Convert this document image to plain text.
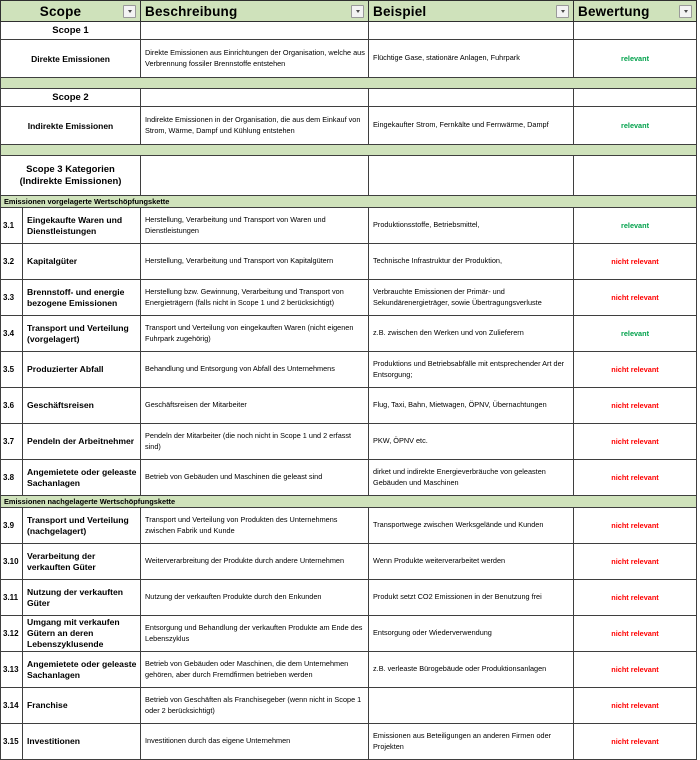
Scope		Beschreibung	Beispiel	Bewertung

Scope 1				

Direkte Emissionen		Direkte Emissionen aus Einrichtungen der Organisation, welche aus Verbrennung fossiler Brennstoffe entstehen	Flüchtige Gase, stationäre Anlagen, Fuhrpark	relevant

Scope 2				

Indirekte Emissionen		Indirekte Emissionen in der Organisation, die aus dem Einkauf von Strom, Wärme, Dampf und Kühlung entstehen	Eingekaufter Strom, Fernkälte und Fernwärme, Dampf	relevant

Scope 3 Kategorien
(Indirekte Emissionen)				

Emissionen vorgelagerte Wertschöpfungskette				

3.1	Eingekaufte Waren und Dienstleistungen	Herstellung, Verarbeitung und Transport von Waren und Dienstleistungen	Produktionsstoffe, Betriebsmittel,	relevant

3.2	Kapitalgüter	Herstellung, Verarbeitung und Transport von Kapitalgütern	Technische Infrastruktur der Produktion,	nicht relevant

3.3	Brennstoff- und energie bezogene Emissionen	Herstellung bzw. Gewinnung, Verarbeitung und Transport von Energieträgern (falls nicht in Scope 1 und 2 berücksichtigt)	Verbrauchte Emissionen der Primär- und Sekundärenergieträger, sowie Übertragungsverluste	nicht relevant

3.4	Transport und Verteilung (vorgelagert)	Transport und Verteilung von eingekauften Waren (nicht eigenen Fuhrpark zugehörig)	z.B. zwischen den Werken und von Zulieferern	relevant

3.5	Produzierter Abfall	Behandlung und Entsorgung von Abfall des Unternehmens	Produktions und Betriebsabfälle mit entsprechender Art der Entsorgung;	nicht relevant

3.6	Geschäftsreisen	Geschäftsreisen der Mitarbeiter	Flug, Taxi, Bahn, Mietwagen, ÖPNV, Übernachtungen	nicht relevant

3.7	Pendeln der Arbeitnehmer	Pendeln der Mitarbeiter (die noch nicht in Scope 1 und 2 erfasst sind)	PKW, ÖPNV etc.	nicht relevant

3.8	Angemietete oder geleaste Sachanlagen	Betrieb von Gebäuden und Maschinen die geleast sind	dirket und indirekte Energieverbräuche von geleasten Gebäuden und Maschinen	nicht relevant

Emissionen nachgelagerte Wertschöpfungskette				

3.9	Transport und Verteilung (nachgelagert)	Transport und Verteilung von Produkten des Unternehmens zwischen Fabrik und Kunde	Transportwege zwischen Werksgelände und Kunden	nicht relevant

3.10	Verarbeitung der verkauften Güter	Weiterverarbreitung der Produkte durch andere Unternehmen	Wenn Produkte weiterverarbeitet werden	nicht relevant

3.11	Nutzung der verkauften Güter	Nutzung der verkauften Produkte durch den Enkunden	Produkt setzt CO2 Emissionen in der Benutzung frei	nicht relevant

3.12	Umgang mit verkaufen Gütern an deren Lebenszyklusende	Entsorgung und Behandlung der verkauften Produkte am Ende des Lebenszyklus	Entsorgung oder Wiederverwendung	nicht relevant

3.13	Angemietete oder geleaste Sachanlagen	Betrieb von Gebäuden oder Maschinen, die dem Unternehmen gehören, aber durch Fremdfirmen betrieben werden	z.B. verleaste Bürogebäude oder Produktionsanlagen	nicht relevant

3.14	Franchise	Betrieb von Geschäften als Franchisegeber (wenn nicht in Scope 1 oder 2 berücksichtigt)		nicht relevant

3.15	Investitionen	Investitionen durch das eigene Unternehmen	Emissionen aus Beteiligungen an anderen Firmen oder Projekten	nicht relevant
